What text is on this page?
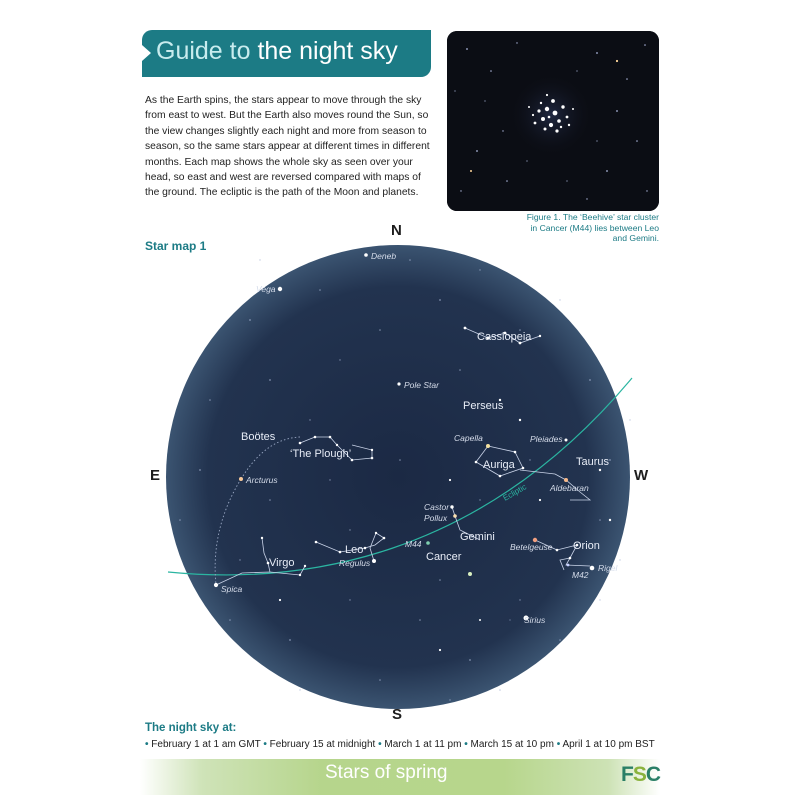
Guide to the night sky
As the Earth spins, the stars appear to move through the sky from east to west. But the Earth also moves round the Sun, so the view changes slightly each night and more from season to season, so the same stars appear at different times in different months. Each map shows the whole sky as seen over your head, so east and west are reversed compared with maps of the ground. The ecliptic is the path of the Moon and planets.
Figure 1. The ‘Beehive’ star cluster in Cancer (M44) lies between Leo and Gemini.
Star map 1
Ecliptic
Cassiopeia
Perseus
Boötes
‘The Plough’
Auriga	Taurus
Gemini
Cancer
Leo
Virgo
Orion
Deneb
Vega
Pole Star
Capella	Pleiades
Arcturus
Aldebaran
Castor
Pollux
M44	Betelgeuse
Regulus	Rigel
M42
Spica
Sirius
N
S
E	W
The night sky at:
• February 1 at 1 am GMT • February 15 at midnight • March 1 at 11 pm • March 15 at 10 pm • April 1 at 10 pm BST
Stars of spring	FSC
